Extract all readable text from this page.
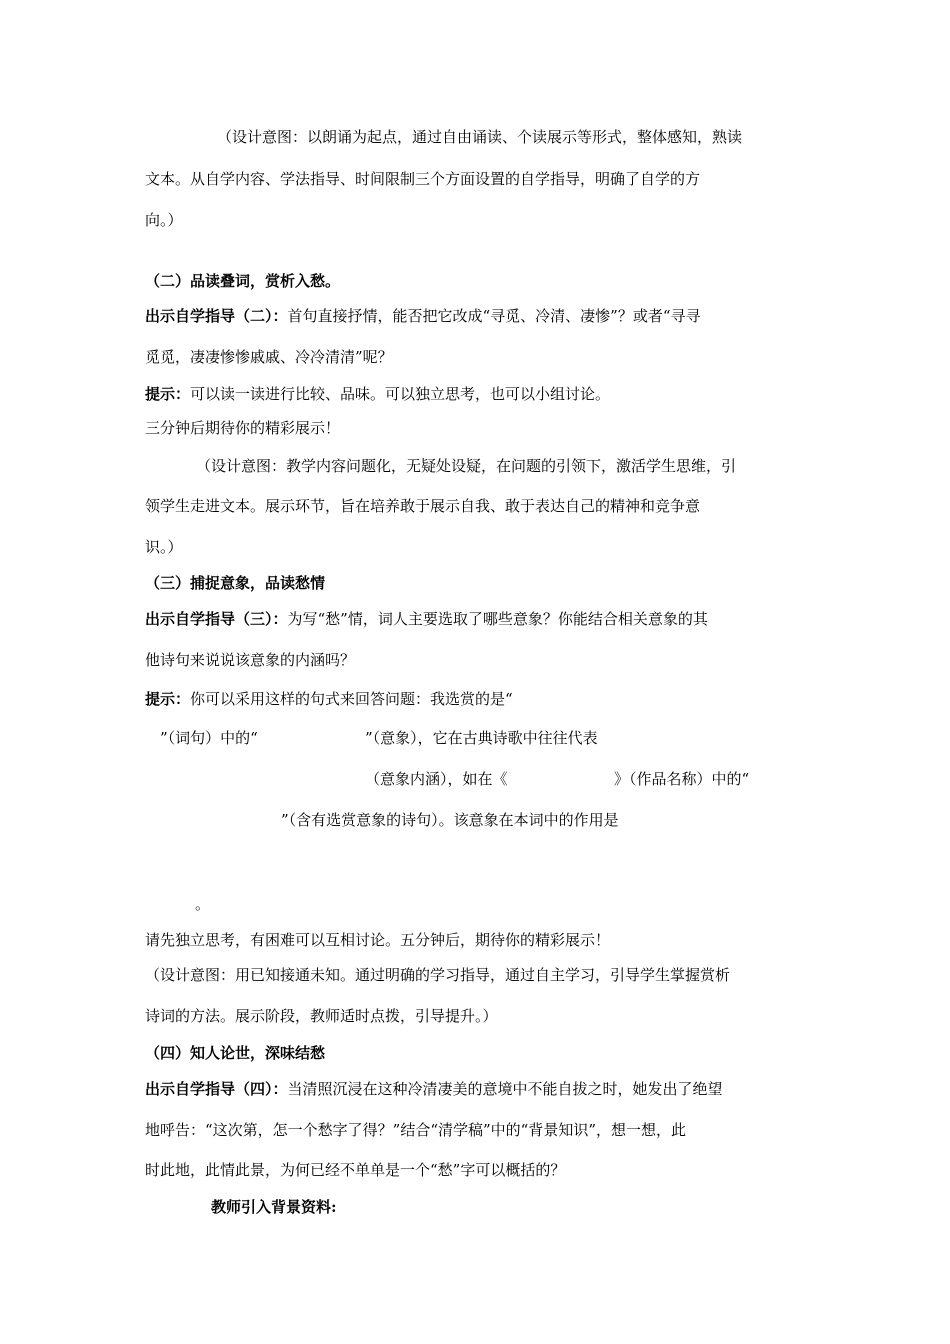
（设计意图：以朗诵为起点，通过自由诵读、个读展示等形式，整体感知，熟读
文本。从自学内容、学法指导、时间限制三个方面设置的自学指导，明确了自学的方
向。）
（二）品读叠词，赏析入愁。
出示自学指导（二）：首句直接抒情，能否把它改成“寻觅、冷清、凄惨”？或者“寻寻
觅觅，凄凄惨惨戚戚、冷冷清清”呢？
提示：可以读一读进行比较、品味。可以独立思考，也可以小组讨论。
三分钟后期待你的精彩展示！
（设计意图：教学内容问题化，无疑处设疑，在问题的引领下，激活学生思维，引
领学生走进文本。展示环节，旨在培养敢于展示自我、敢于表达自己的精神和竞争意
识。）
（三）捕捉意象，品读愁情
出示自学指导（三）：为写“愁”情，词人主要选取了哪些意象？你能结合相关意象的其
他诗句来说说该意象的内涵吗？
提示：你可以采用这样的句式来回答问题：我选赏的是“
”（词句）中的“	”（意象），它在古典诗歌中往往代表
（意象内涵），如在《	》（作品名称）中的“
”（含有选赏意象的诗句）。该意象在本词中的作用是
。
请先独立思考，有困难可以互相讨论。五分钟后，期待你的精彩展示！
（设计意图：用已知接通未知。通过明确的学习指导，通过自主学习，引导学生掌握赏析
诗词的方法。展示阶段，教师适时点拨，引导提升。）
（四）知人论世，深味结愁
出示自学指导（四）：当清照沉浸在这种冷清凄美的意境中不能自拔之时，她发出了绝望
地呼告：“这次第，怎一个愁字了得？”结合“清学稿”中的“背景知识”，想一想，此
时此地，此情此景，为何已经不单单是一个“愁”字可以概括的？
教师引入背景资料:
